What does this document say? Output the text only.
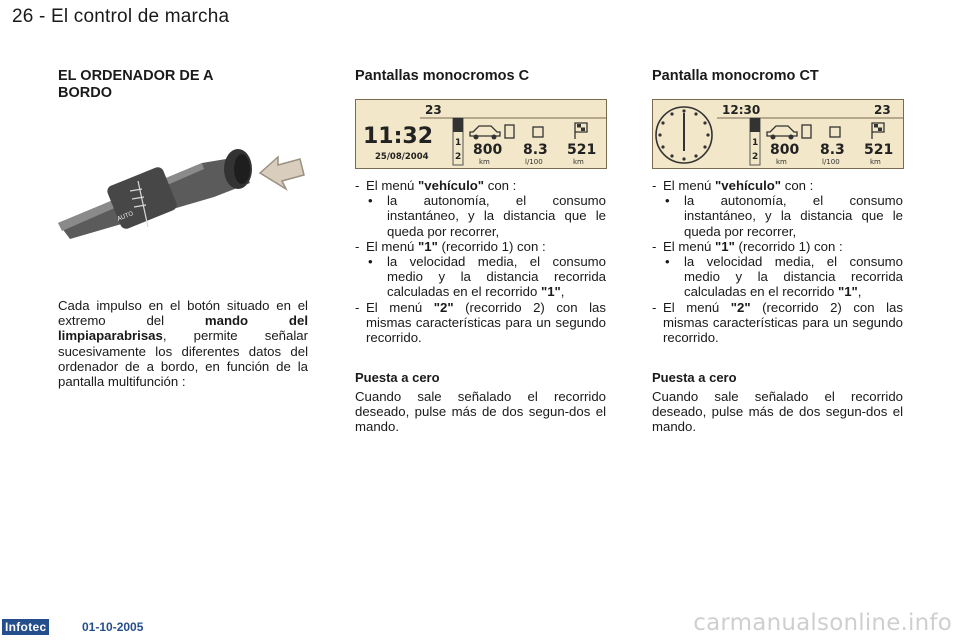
26 - El control de marcha
EL ORDENADOR DE A
BORDO
AUTO
Cada impulso en el botón situado en el extremo del mando del limpiaparabrisas, permite señalar sucesivamente los diferentes datos del ordenador de a bordo, en función de la pantalla multifunción :
Pantallas monocromos C
23
11:32
25/08/2004
1
2 800 8.3 521
km	l/100	km
- El menú "vehículo" con :
• la autonomía, el consumo instantáneo, y la distancia que le queda por recorrer,
- El menú "1" (recorrido 1) con :
• la velocidad media, el consumo medio y la distancia recorrida calculadas en el recorrido "1",
- El menú "2" (recorrido 2) con las mismas características para un segundo recorrido.
Puesta a cero
Cuando sale señalado el recorrido deseado, pulse más de dos segun-dos el mando.
Pantalla monocromo CT
12:30	23
1
2 800 8.3 521
km	l/100	km
- El menú "vehículo" con :
• la autonomía, el consumo instantáneo, y la distancia que le queda por recorrer,
- El menú "1" (recorrido 1) con :
• la velocidad media, el consumo medio y la distancia recorrida calculadas en el recorrido "1",
- El menú "2" (recorrido 2) con las mismas características para un segundo recorrido.
Puesta a cero
Cuando sale señalado el recorrido deseado, pulse más de dos segun-dos el mando.
Infotec	01-10-2005	carmanualsonline.info
